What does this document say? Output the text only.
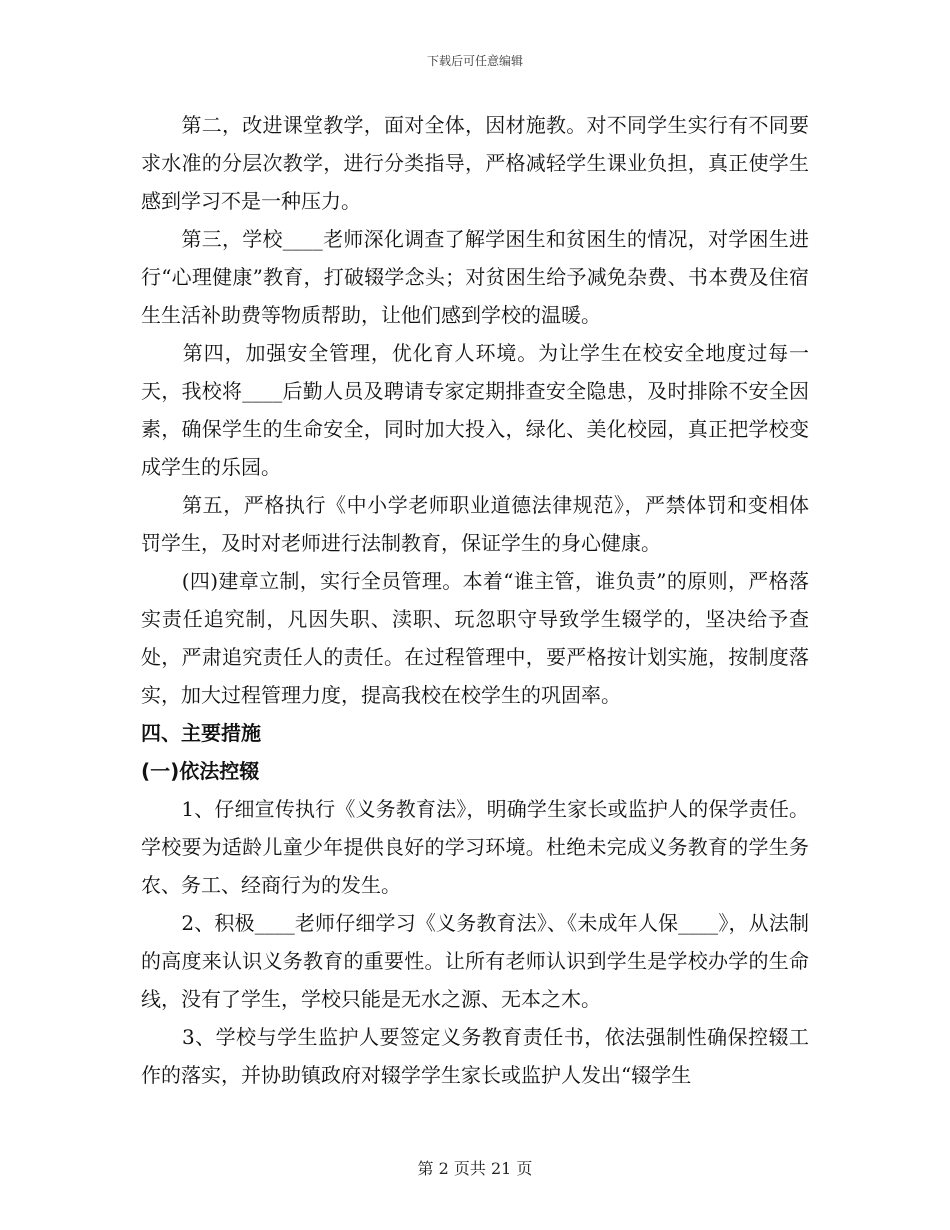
下载后可任意编辑

　　第二，改进课堂教学，面对全体，因材施教。对不同学生实行有不同要求水准的分层次教学，进行分类指导，严格减轻学生课业负担，真正使学生感到学习不是一种压力。

　　第三，学校____老师深化调查了解学困生和贫困生的情况，对学困生进行“心理健康”教育，打破辍学念头；对贫困生给予减免杂费、书本费及住宿生生活补助费等物质帮助，让他们感到学校的温暖。

　　第四，加强安全管理，优化育人环境。为让学生在校安全地度过每一天，我校将____后勤人员及聘请专家定期排查安全隐患，及时排除不安全因素，确保学生的生命安全，同时加大投入，绿化、美化校园，真正把学校变成学生的乐园。

　　第五，严格执行《中小学老师职业道德法律规范》，严禁体罚和变相体罚学生，及时对老师进行法制教育，保证学生的身心健康。

　　(四)建章立制，实行全员管理。本着“谁主管，谁负责”的原则，严格落实责任追究制，凡因失职、渎职、玩忽职守导致学生辍学的，坚决给予查处，严肃追究责任人的责任。在过程管理中，要严格按计划实施，按制度落实，加大过程管理力度，提高我校在校学生的巩固率。

四、主要措施

(一)依法控辍

　　1、仔细宣传执行《义务教育法》，明确学生家长或监护人的保学责任。学校要为适龄儿童少年提供良好的学习环境。杜绝未完成义务教育的学生务农、务工、经商行为的发生。

　　2、积极____老师仔细学习《义务教育法》、《未成年人保____》，从法制的高度来认识义务教育的重要性。让所有老师认识到学生是学校办学的生命线，没有了学生，学校只能是无水之源、无本之木。

　　3、学校与学生监护人要签定义务教育责任书，依法强制性确保控辍工作的落实，并协助镇政府对辍学学生家长或监护人发出“辍学生

第 2 页共 21 页
